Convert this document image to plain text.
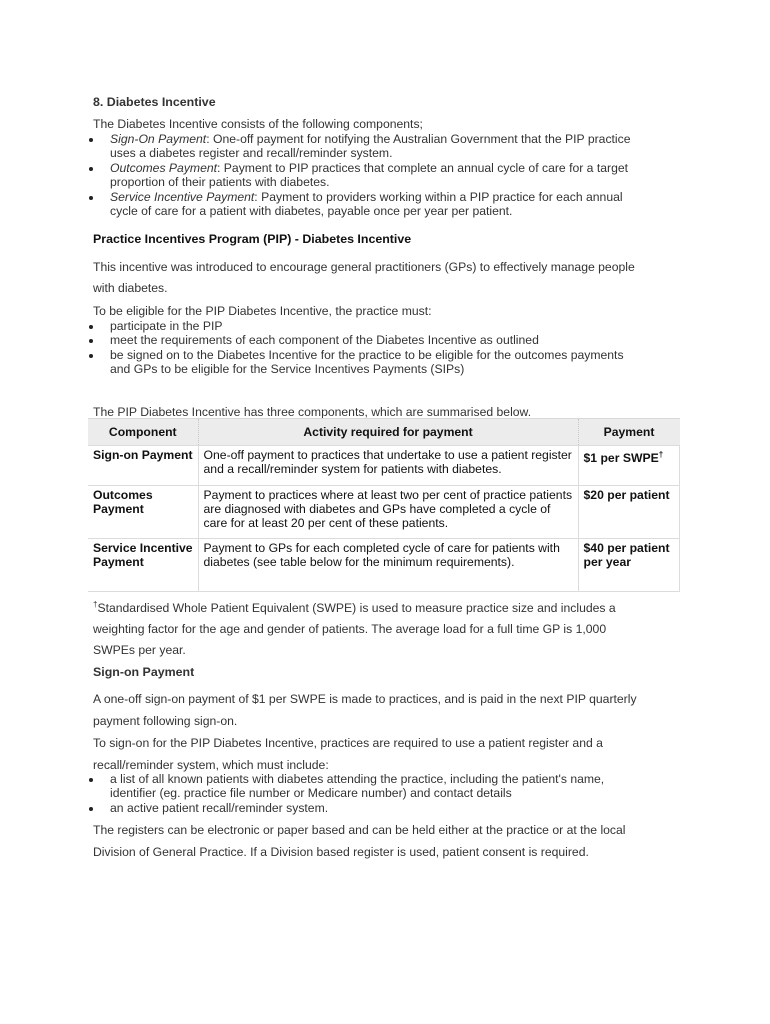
8. Diabetes Incentive
The Diabetes Incentive consists of the following components;
Sign-On Payment: One-off payment for notifying the Australian Government that the PIP practice
uses a diabetes register and recall/reminder system.
Outcomes Payment: Payment to PIP practices that complete an annual cycle of care for a target
proportion of their patients with diabetes.
Service Incentive Payment: Payment to providers working within a PIP practice for each annual
cycle of care for a patient with diabetes, payable once per year per patient.
Practice Incentives Program (PIP) - Diabetes Incentive
This incentive was introduced to encourage general practitioners (GPs) to effectively manage people
with diabetes.
To be eligible for the PIP Diabetes Incentive, the practice must:
participate in the PIP
meet the requirements of each component of the Diabetes Incentive as outlined
be signed on to the Diabetes Incentive for the practice to be eligible for the outcomes payments
and GPs to be eligible for the Service Incentives Payments (SIPs)
The PIP Diabetes Incentive has three components, which are summarised below.
Component	Activity required for payment	Payment
Sign-on Payment	One-off payment to practices that undertake to use a patient register and a recall/reminder system for patients with diabetes.	$1 per SWPE†
Outcomes Payment	Payment to practices where at least two per cent of practice patients are diagnosed with diabetes and GPs have completed a cycle of care for at least 20 per cent of these patients.	$20 per patient
Service Incentive Payment	Payment to GPs for each completed cycle of care for patients with diabetes (see table below for the minimum requirements).	$40 per patient per year
†Standardised Whole Patient Equivalent (SWPE) is used to measure practice size and includes a
weighting factor for the age and gender of patients. The average load for a full time GP is 1,000
SWPEs per year.
Sign-on Payment
A one-off sign-on payment of $1 per SWPE is made to practices, and is paid in the next PIP quarterly
payment following sign-on.
To sign-on for the PIP Diabetes Incentive, practices are required to use a patient register and a
recall/reminder system, which must include:
a list of all known patients with diabetes attending the practice, including the patient's name,
identifier (eg. practice file number or Medicare number) and contact details
an active patient recall/reminder system.
The registers can be electronic or paper based and can be held either at the practice or at the local
Division of General Practice. If a Division based register is used, patient consent is required.
